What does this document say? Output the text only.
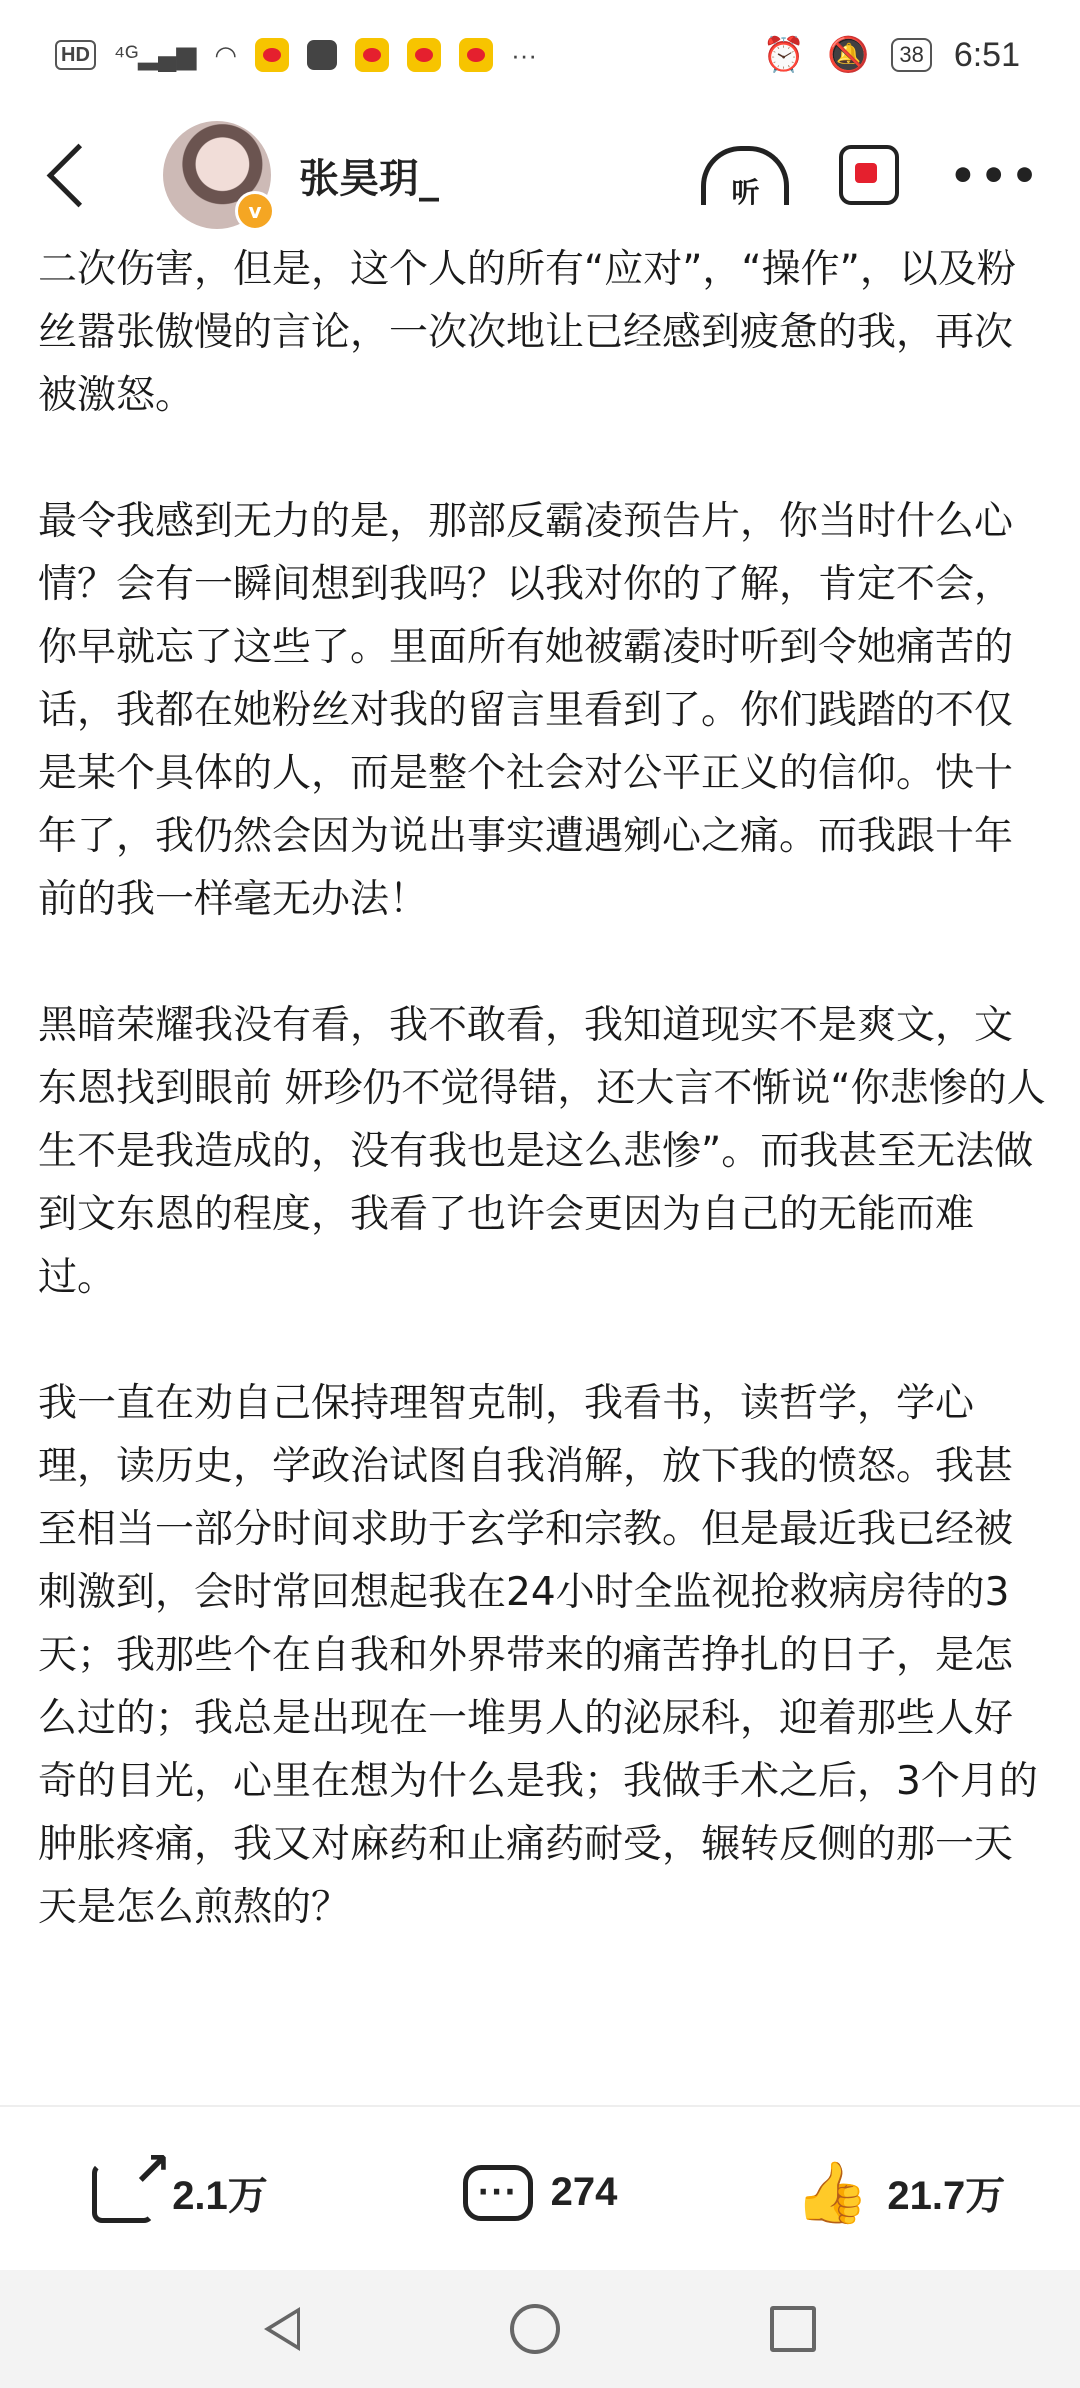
HD ⁴ᴳ▂▄▆ ◠	···	⏰ 🔕	38 6:51
v
张昊玥_	听	•••

二次伤害，但是，这个人的所有“应对”，“操作”，以及粉丝嚣张傲慢的言论，一次次地让已经感到疲惫的我，再次被激怒。

最令我感到无力的是，那部反霸凌预告片，你当时什么心情？会有一瞬间想到我吗？以我对你的了解，肯定不会，你早就忘了这些了。里面所有她被霸凌时听到令她痛苦的话，我都在她粉丝对我的留言里看到了。你们践踏的不仅是某个具体的人，而是整个社会对公平正义的信仰。快十年了，我仍然会因为说出事实遭遇剜心之痛。而我跟十年前的我一样毫无办法！

黑暗荣耀我没有看，我不敢看，我知道现实不是爽文，文东恩找到眼前 妍珍仍不觉得错，还大言不惭说“你悲惨的人生不是我造成的，没有我也是这么悲惨”。而我甚至无法做到文东恩的程度，我看了也许会更因为自己的无能而难过。

我一直在劝自己保持理智克制，我看书，读哲学，学心理，读历史，学政治试图自我消解，放下我的愤怒。我甚至相当一部分时间求助于玄学和宗教。但是最近我已经被刺激到，会时常回想起我在24小时全监视抢救病房待的3天；我那些个在自我和外界带来的痛苦挣扎的日子，是怎么过的；我总是出现在一堆男人的泌尿科，迎着那些人好奇的目光，心里在想为什么是我；我做手术之后，3个月的肿胀疼痛，我又对麻药和止痛药耐受，辗转反侧的那一天天是怎么煎熬的？

↗
2.1万	··· 274	👍 21.7万
